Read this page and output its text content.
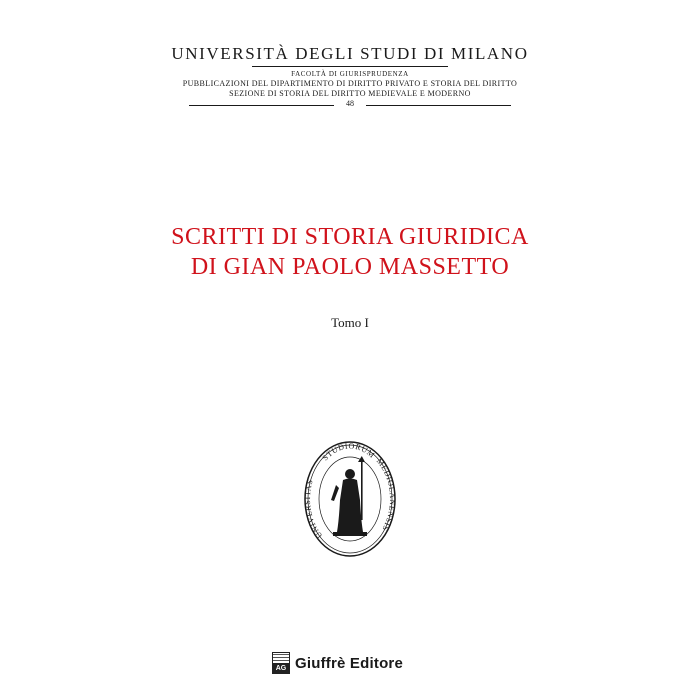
UNIVERSITÀ DEGLI STUDI DI MILANO
FACOLTÀ DI GIURISPRUDENZA
PUBBLICAZIONI DEL DIPARTIMENTO DI DIRITTO PRIVATO E STORIA DEL DIRITTO
SEZIONE DI STORIA DEL DIRITTO MEDIEVALE E MODERNO
48
SCRITTI DI STORIA GIURIDICA
DI GIAN PAOLO MASSETTO
Tomo I
UNIVERSITAS
STUDIORUM
MEDIOLANENSIS
AG Giuffrè Editore
